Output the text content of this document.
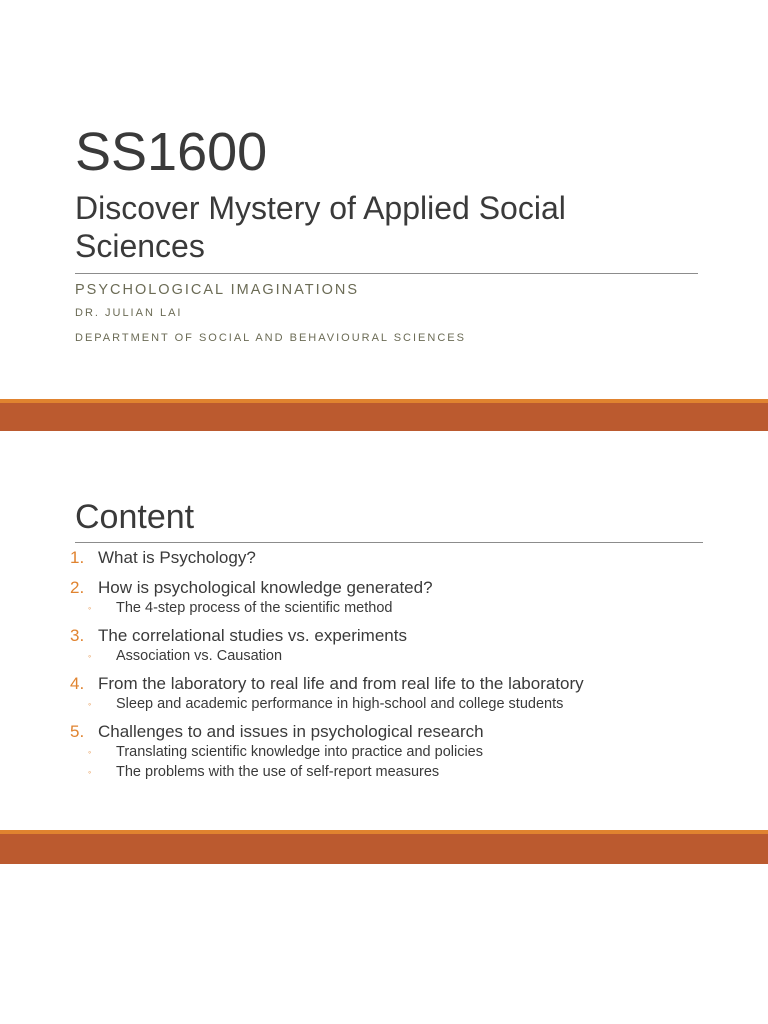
SS1600
Discover Mystery of Applied Social Sciences
PSYCHOLOGICAL IMAGINATIONS
DR. JULIAN LAI
DEPARTMENT OF SOCIAL AND BEHAVIOURAL SCIENCES
Content
1. What is Psychology?
2. How is psychological knowledge generated?
◦ The 4-step process of the scientific method
3. The correlational studies vs. experiments
◦ Association vs. Causation
4. From the laboratory to real life and from real life to the laboratory
◦ Sleep and academic performance in high-school and college students
5. Challenges to and issues in psychological research
◦ Translating scientific knowledge into practice and policies
◦ The problems with the use of self-report measures
